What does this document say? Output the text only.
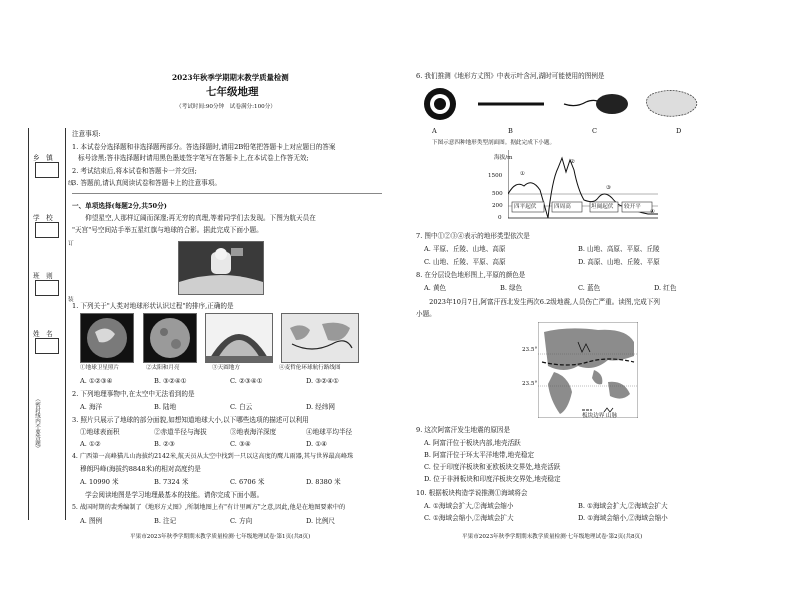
乡　镇
学　校
班　则
姓　名
（密封线内不要答题）
线
订
装
2023年秋季学期期末教学质量检测
七年级地理
（考试时间:90分钟　试卷满分:100分）
注意事项:
1. 本试卷分选择题和非选择题两部分。答选择题时,请用2B铅笔把答题卡上对应题目的答案
标号涂黑;答非选择题时请用黑色墨迹签字笔写在答题卡上,在本试卷上作答无效;
2. 考试结束后,将本试卷和答题卡一并交回;
3. 答题前,请认真阅读试卷和答题卡上的注意事项。
一、单项选择(每题2分,共50分)
　　仰望星空,人那样辽阔而深邃;再无穷的真理,等着同学们去发现。下图为航天员在
"天宫"号空间站手举五星红旗与地球的合影。据此完成下面小题。
1. 下列关于"人类对地球形状认识过程"的排序,正确的是
①地球卫星照片	②太阳和月亮	③天圆地方	④麦哲伦环球航行路线图
A. ①②③④	B. ③②④①	C. ②③④①	D. ③②④①
2. 下列地理事物中,在太空中无法看到的是
A. 海洋	B. 陆地	C. 白云	D. 经纬网
3. 照片只展示了地球的部分面貌,如想知道地球大小,以下哪些选项的描述可以利用
①地球表面积	②赤道半径与海拔	③地表海洋深度	④地球平均半径
A. ①②	B. ②③	C. ③④	D. ①④
4. 广西第一高峰猫儿山海拔约2142米,航天员从太空中找到一只以这高度的鹰儿雨器,其与世界最高峰珠
穆朗玛峰(海拔约8848米)的相对高度约是
A. 10990 米	B. 7324 米	C. 6706 米	D. 8380 米
　　学会阅读地图是学习地理最基本的技能。请你完成下面小题。
5. 战国时期的裴秀编制了《地形方丈图》,所制地图上有"有计里画方"之意,因此,他是在地图要素中的
A. 图例	B. 注记	C. 方向	D. 比例尺
平果市2023年秋季学期期末教学质量检测·七年级地理试卷·第1页(共8页)
6. 我们推测《地形方丈图》中表示叶含河,湖时可能使用的图例是
A	B	C	D
下图示意四种地形类型剖面图。据此完成下小题。
海拔/m
1500
500
200
0
四平起伏	四周高	坦阔起伏 较开平
①
②
③
④
7. 图中①②③④表示的地形类型依次是
A. 平原、丘陵、山地、高原	B. 山地、高原、平原、丘陵
C. 山地、丘陵、平原、高原	D. 高原、山地、丘陵、平原
8. 在分层设色地形图上,平原的颜色是
A. 黄色	B. 绿色	C. 蓝色	D. 红色
　　2023年10月7日,阿富汗西北发生两次6.2级地震,人员伤亡严重。读图,完成下列
小题。
23.5°
23.5°
板块边界 山脉
9. 这次阿富汗发生地震的原因是
A. 阿富汗位于板块内部,地壳活跃
B. 阿富汗位于环太平洋地带,地壳稳定
C. 位于印度洋板块和亚欧板块交界处,地壳活跃
D. 位于非洲板块和印度洋板块交界处,地壳稳定
10. 根据板块构造学说推测①海域将会
A. ①海域会扩大,②海域会缩小	B. ①海域会扩大,②海域会扩大
C. ①海域会缩小,②海域会扩大	D. ①海域会缩小,②海域会缩小
平果市2023年秋季学期期末教学质量检测·七年级地理试卷·第2页(共8页)
